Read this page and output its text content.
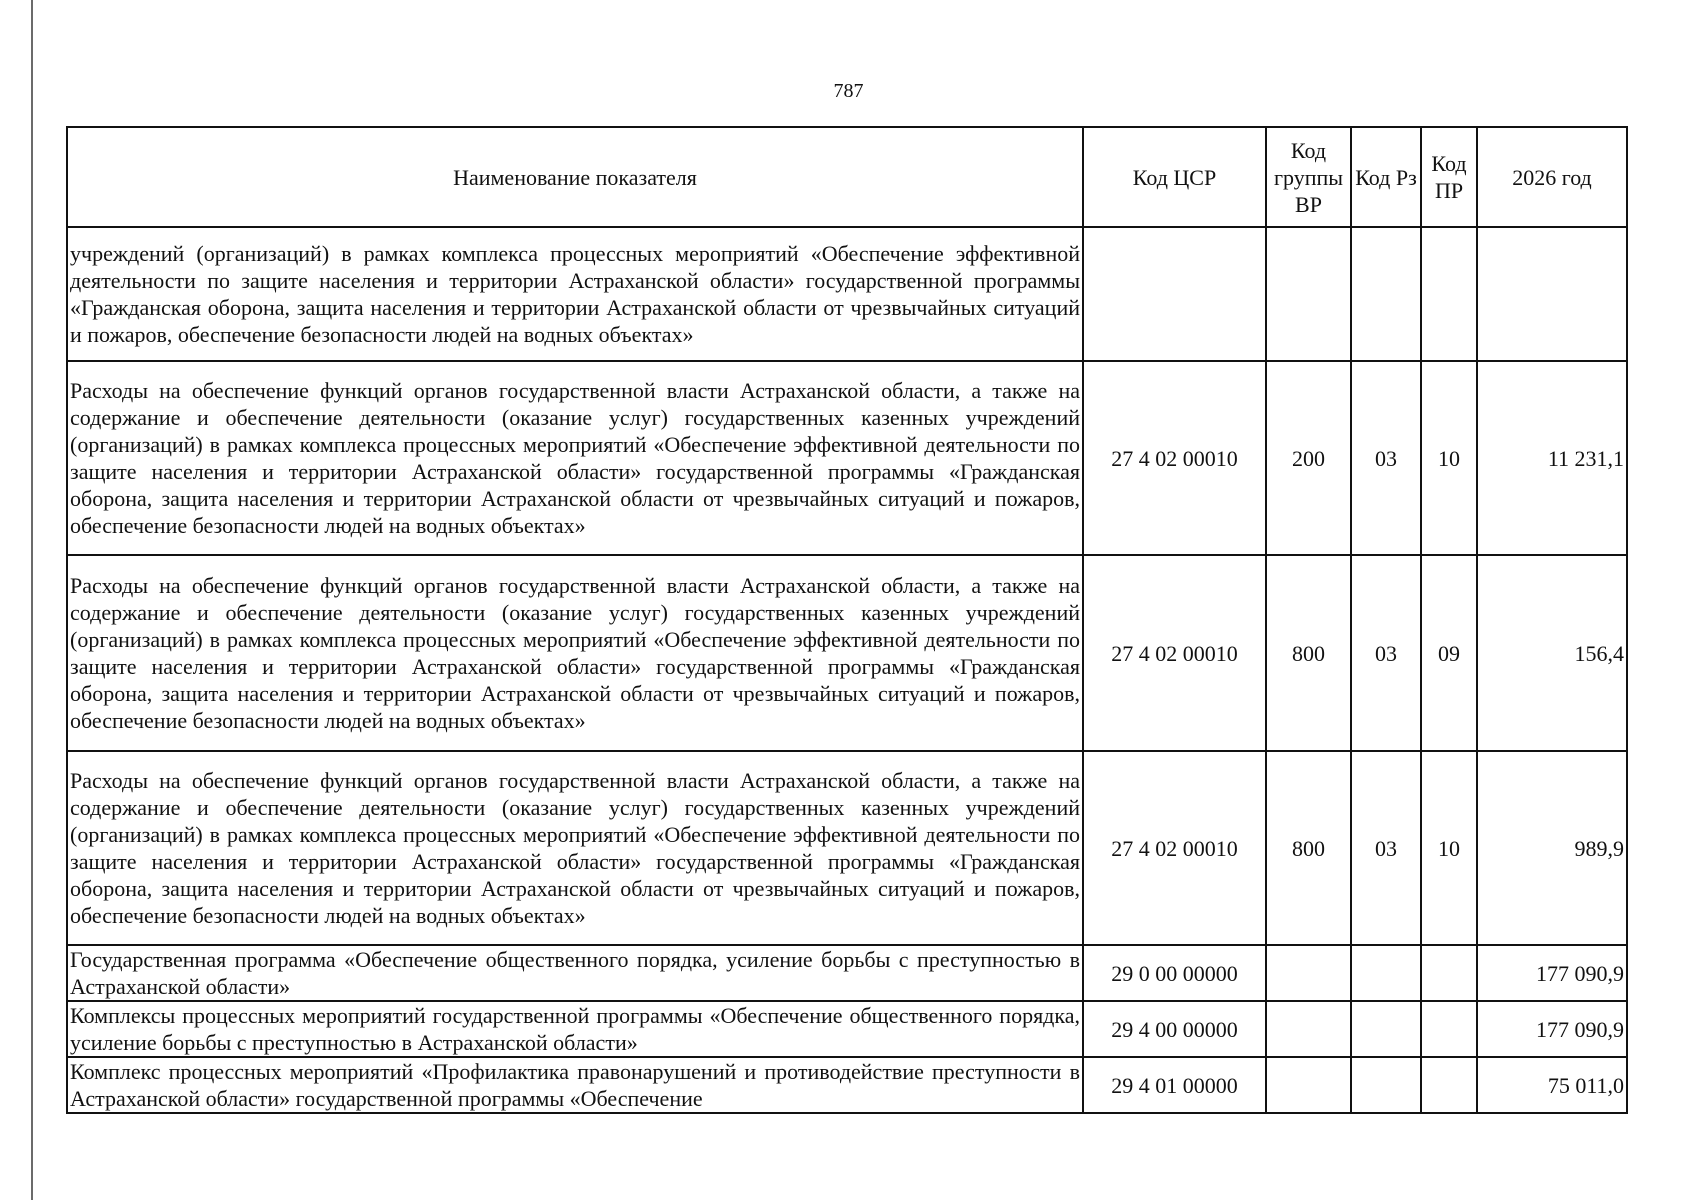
787
Наименование показателя	Код ЦСР	Код группы ВР	Код Рз	Код ПР	2026 год
учреждений (организаций) в рамках комплекса процессных мероприятий «Обеспечение эффективной деятельности по защите населения и территории Астраханской области» государственной программы «Гражданская оборона, защита населения и территории Астраханской области от чрезвычайных ситуаций и пожаров, обеспечение безопасности людей на водных объектах»					
Расходы на обеспечение функций органов государственной власти Астраханской области, а также на содержание и обеспечение деятельности (оказание услуг) государственных казенных учреждений (организаций) в рамках комплекса процессных мероприятий «Обеспечение эффективной деятельности по защите населения и территории Астраханской области» государственной программы «Гражданская оборона, защита населения и территории Астраханской области от чрезвычайных ситуаций и пожаров, обеспечение безопасности людей на водных объектах»	27 4 02 00010	200	03	10	11 231,1
Расходы на обеспечение функций органов государственной власти Астраханской области, а также на содержание и обеспечение деятельности (оказание услуг) государственных казенных учреждений (организаций) в рамках комплекса процессных мероприятий «Обеспечение эффективной деятельности по защите населения и территории Астраханской области» государственной программы «Гражданская оборона, защита населения и территории Астраханской области от чрезвычайных ситуаций и пожаров, обеспечение безопасности людей на водных объектах»	27 4 02 00010	800	03	09	156,4
Расходы на обеспечение функций органов государственной власти Астраханской области, а также на содержание и обеспечение деятельности (оказание услуг) государственных казенных учреждений (организаций) в рамках комплекса процессных мероприятий «Обеспечение эффективной деятельности по защите населения и территории Астраханской области» государственной программы «Гражданская оборона, защита населения и территории Астраханской области от чрезвычайных ситуаций и пожаров, обеспечение безопасности людей на водных объектах»	27 4 02 00010	800	03	10	989,9
Государственная программа «Обеспечение общественного порядка, усиление борьбы с преступностью в Астраханской области»	29 0 00 00000				177 090,9
Комплексы процессных мероприятий государственной программы «Обеспечение общественного порядка, усиление борьбы с преступностью в Астраханской области»	29 4 00 00000				177 090,9
Комплекс процессных мероприятий «Профилактика правонарушений и противодействие преступности в Астраханской области» государственной программы «Обеспечение	29 4 01 00000				75 011,0
